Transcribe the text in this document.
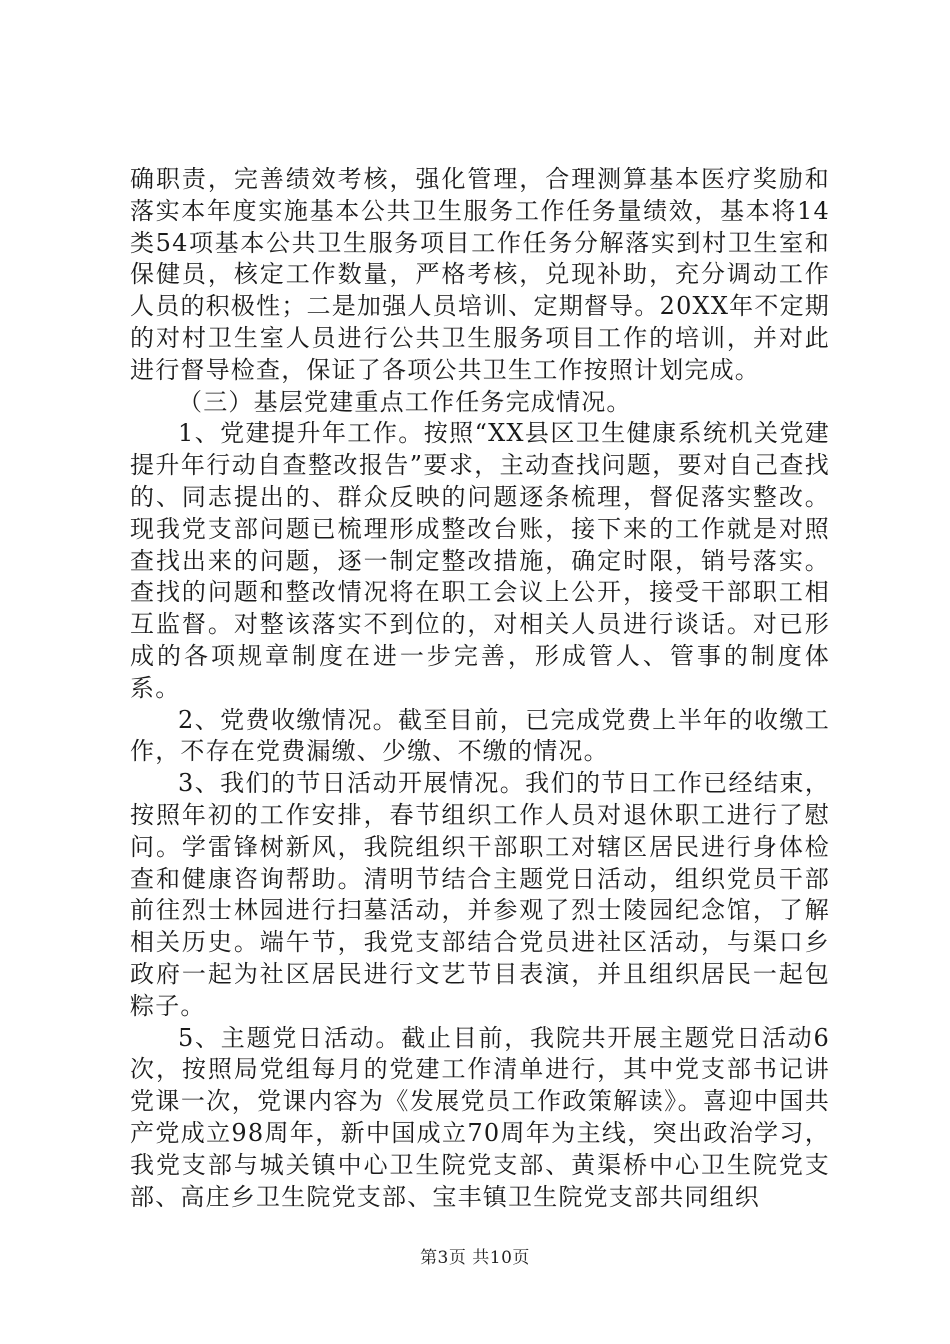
确职责，完善绩效考核，强化管理，合理测算基本医疗奖励和落实本年度实施基本公共卫生服务工作任务量绩效，基本将14类54项基本公共卫生服务项目工作任务分解落实到村卫生室和保健员，核定工作数量，严格考核，兑现补助，充分调动工作人员的积极性；二是加强人员培训、定期督导。20XX年不定期的对村卫生室人员进行公共卫生服务项目工作的培训，并对此进行督导检查，保证了各项公共卫生工作按照计划完成。

（三）基层党建重点工作任务完成情况。

1、党建提升年工作。按照“XX县区卫生健康系统机关党建提升年行动自查整改报告”要求，主动查找问题，要对自己查找的、同志提出的、群众反映的问题逐条梳理，督促落实整改。现我党支部问题已梳理形成整改台账，接下来的工作就是对照查找出来的问题，逐一制定整改措施，确定时限，销号落实。查找的问题和整改情况将在职工会议上公开，接受干部职工相互监督。对整该落实不到位的，对相关人员进行谈话。对已形成的各项规章制度在进一步完善，形成管人、管事的制度体系。

2、党费收缴情况。截至目前，已完成党费上半年的收缴工作，不存在党费漏缴、少缴、不缴的情况。

3、我们的节日活动开展情况。我们的节日工作已经结束，按照年初的工作安排，春节组织工作人员对退休职工进行了慰问。学雷锋树新风，我院组织干部职工对辖区居民进行身体检查和健康咨询帮助。清明节结合主题党日活动，组织党员干部前往烈士林园进行扫墓活动，并参观了烈士陵园纪念馆，了解相关历史。端午节，我党支部结合党员进社区活动，与渠口乡政府一起为社区居民进行文艺节目表演，并且组织居民一起包粽子。

5、主题党日活动。截止目前，我院共开展主题党日活动6次，按照局党组每月的党建工作清单进行，其中党支部书记讲党课一次，党课内容为《发展党员工作政策解读》。喜迎中国共产党成立98周年，新中国成立70周年为主线，突出政治学习，我党支部与城关镇中心卫生院党支部、黄渠桥中心卫生院党支部、高庄乡卫生院党支部、宝丰镇卫生院党支部共同组织

第3页 共10页
